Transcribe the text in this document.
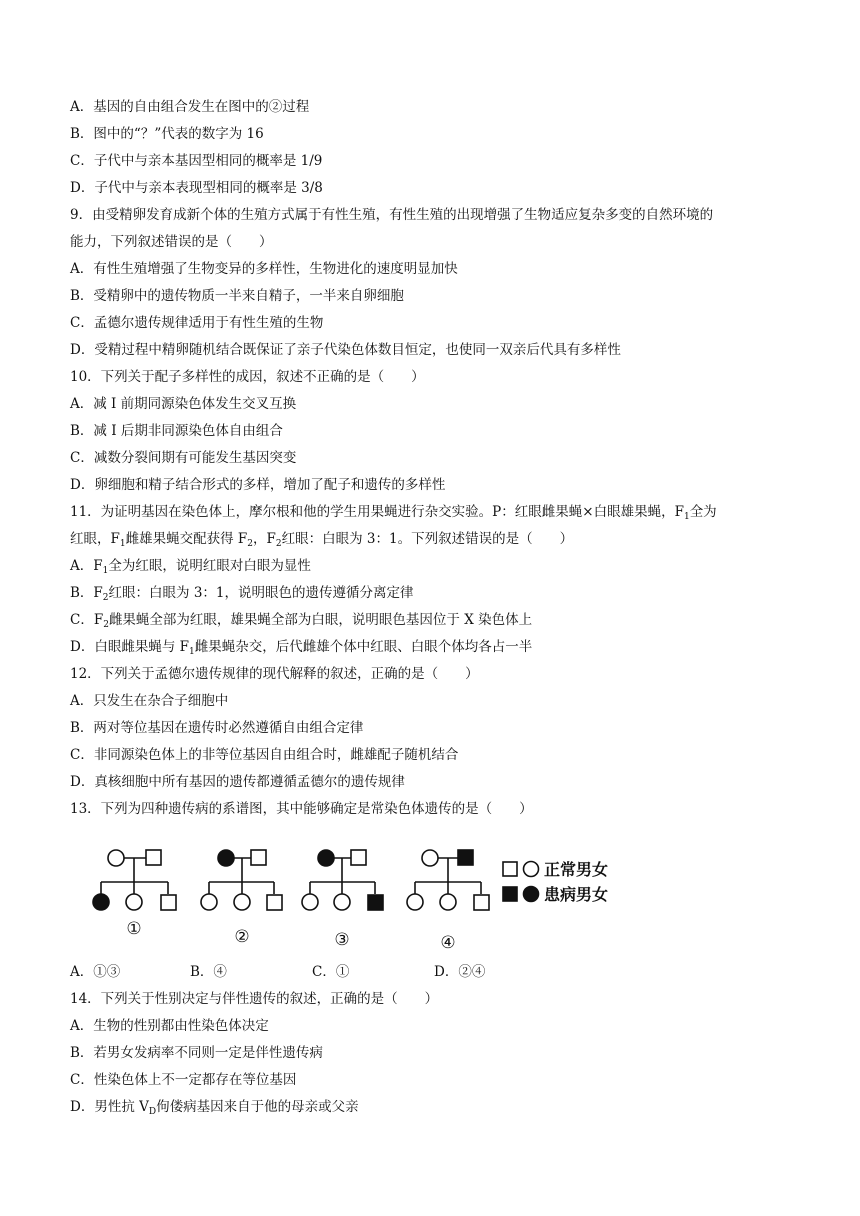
A．基因的自由组合发生在图中的②过程
B．图中的“？”代表的数字为 16
C．子代中与亲本基因型相同的概率是 1/9
D．子代中与亲本表现型相同的概率是 3/8
9．由受精卵发育成新个体的生殖方式属于有性生殖，有性生殖的出现增强了生物适应复杂多变的自然环境的
能力，下列叙述错误的是（　　）
A．有性生殖增强了生物变异的多样性，生物进化的速度明显加快
B．受精卵中的遗传物质一半来自精子，一半来自卵细胞
C．孟德尔遗传规律适用于有性生殖的生物
D．受精过程中精卵随机结合既保证了亲子代染色体数目恒定，也使同一双亲后代具有多样性
10．下列关于配子多样性的成因，叙述不正确的是（　　）
A．减 I 前期同源染色体发生交叉互换
B．减 I 后期非同源染色体自由组合
C．减数分裂间期有可能发生基因突变
D．卵细胞和精子结合形式的多样，增加了配子和遗传的多样性
11．为证明基因在染色体上，摩尔根和他的学生用果蝇进行杂交实验。P：红眼雌果蝇×白眼雄果蝇，$F_1$全为
红眼，$F_1$雌雄果蝇交配获得 $F_2$，$F_2$红眼：白眼为 3：1。下列叙述错误的是（　　）
A．$F_1$全为红眼，说明红眼对白眼为显性
B．$F_2$红眼：白眼为 3：1，说明眼色的遗传遵循分离定律
C．$F_2$雌果蝇全部为红眼，雄果蝇全部为白眼，说明眼色基因位于 X 染色体上
D．白眼雌果蝇与 $F_1$雌果蝇杂交，后代雌雄个体中红眼、白眼个体均各占一半
12．下列关于孟德尔遗传规律的现代解释的叙述，正确的是（　　）
A．只发生在杂合子细胞中
B．两对等位基因在遗传时必然遵循自由组合定律
C．非同源染色体上的非等位基因自由组合时，雌雄配子随机结合
D．真核细胞中所有基因的遗传都遵循孟德尔的遗传规律
13．下列为四种遗传病的系谱图，其中能够确定是常染色体遗传的是（　　）
①	②	③	④
正常男女
患病男女
A．①③	B．④	C．①	D．②④
14．下列关于性别决定与伴性遗传的叙述，正确的是（　　）
A．生物的性别都由性染色体决定
B．若男女发病率不同则一定是伴性遗传病
C．性染色体上不一定都存在等位基因
D．男性抗 $V_D$佝偻病基因来自于他的母亲或父亲
